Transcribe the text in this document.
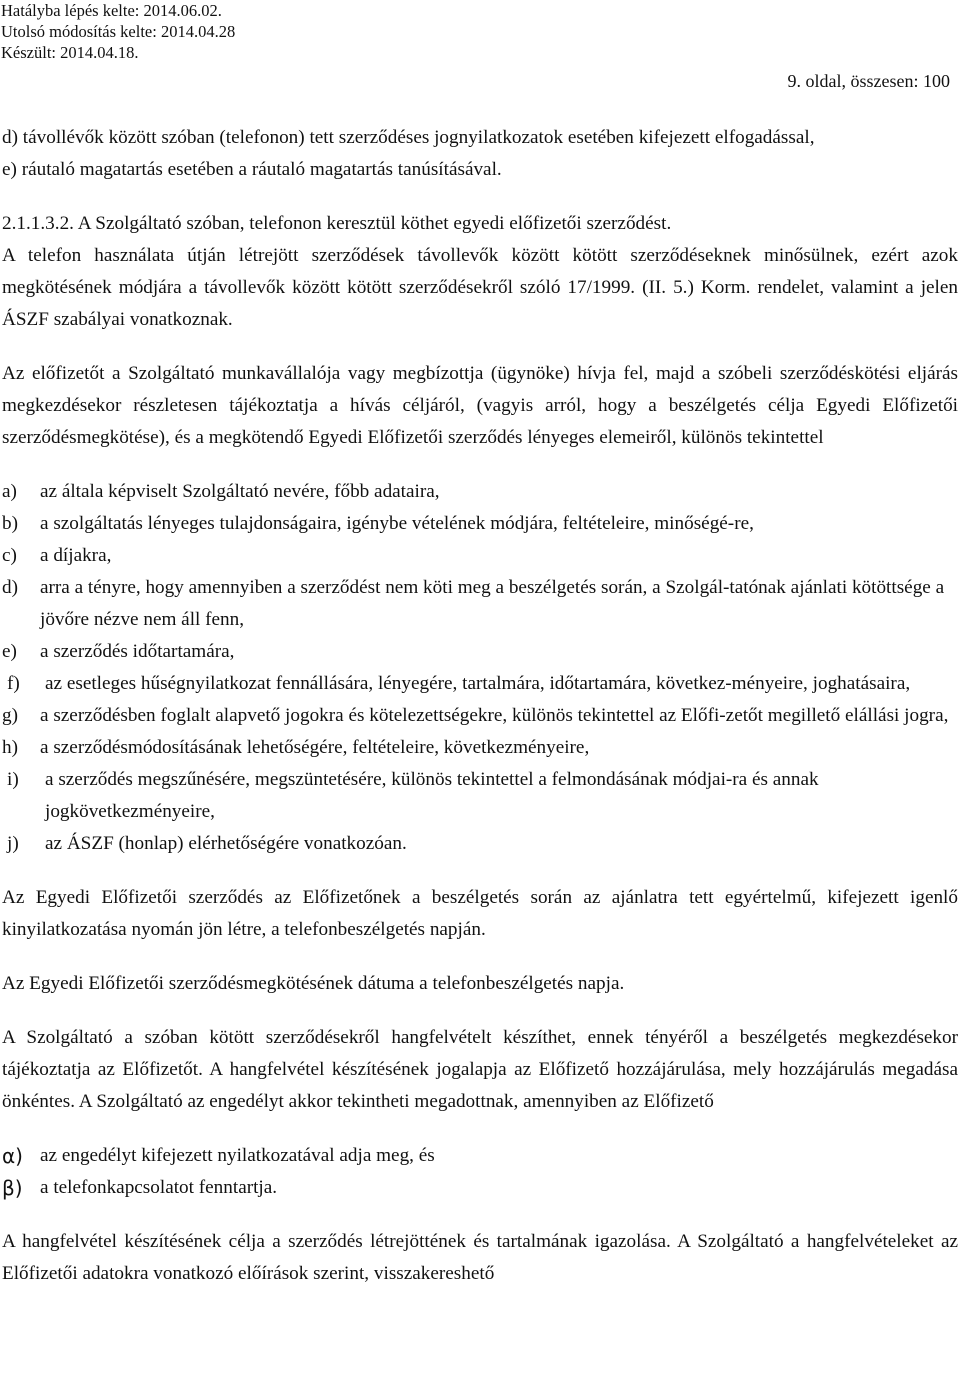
Hatályba lépés kelte: 2014.06.02.
Utolsó módosítás kelte: 2014.04.28
Készült: 2014.04.18.
9. oldal, összesen: 100

d) távollévők között szóban (telefonon) tett szerződéses jognyilatkozatok esetében kifejezett elfogadással,

e) ráutaló magatartás esetében a ráutaló magatartás tanúsításával.

2.1.1.3.2. A Szolgáltató szóban, telefonon keresztül köthet egyedi előfizetői szerződést.

A telefon használata útján létrejött szerződések távollevők között kötött szerződéseknek minősülnek, ezért azok megkötésének módjára a távollevők között kötött szerződésekről szóló 17/1999. (II. 5.) Korm. rendelet, valamint a jelen ÁSZF szabályai vonatkoznak.

Az előfizetőt a Szolgáltató munkavállalója vagy megbízottja (ügynöke) hívja fel, majd a szóbeli szerződéskötési eljárás megkezdésekor részletesen tájékoztatja a hívás céljáról, (vagyis arról, hogy a beszélgetés célja Egyedi Előfizetői szerződésmegkötése), és a megkötendő Egyedi Előfizetői szerződés lényeges elemeiről, különös tekintettel

a)	az általa képviselt Szolgáltató nevére, főbb adataira,
b)	a szolgáltatás lényeges tulajdonságaira, igénybe vételének módjára, feltételeire, minőségé-re,
c)	a díjakra,
d)	arra a tényre, hogy amennyiben a szerződést nem köti meg a beszélgetés során, a Szolgál-tatónak ajánlati kötöttsége a jövőre nézve nem áll fenn,
e)	a szerződés időtartamára,
f)	az esetleges hűségnyilatkozat fennállására, lényegére, tartalmára, időtartamára, következ-ményeire, joghatásaira,
g)	a szerződésben foglalt alapvető jogokra és kötelezettségekre, különös tekintettel az Előfi-zetőt megillető elállási jogra,
h)	a szerződésmódosításának lehetőségére, feltételeire, következményeire,
i)	a szerződés megszűnésére, megszüntetésére, különös tekintettel a felmondásának módjai-ra és annak jogkövetkezményeire,
j)	az ÁSZF (honlap) elérhetőségére vonatkozóan.

Az Egyedi Előfizetői szerződés az Előfizetőnek a beszélgetés során az ajánlatra tett egyértelmű, kifejezett igenlő kinyilatkozatása nyomán jön létre, a telefonbeszélgetés napján.

Az Egyedi Előfizetői szerződésmegkötésének dátuma a telefonbeszélgetés napja.

A Szolgáltató a szóban kötött szerződésekről hangfelvételt készíthet, ennek tényéről a beszélgetés megkezdésekor tájékoztatja az Előfizetőt. A hangfelvétel készítésének jogalapja az Előfizető hozzájárulása, mely hozzájárulás megadása önkéntes. A Szolgáltató az engedélyt akkor tekintheti megadottnak, amennyiben az Előfizető

α) az engedélyt kifejezett nyilatkozatával adja meg, és
β) a telefonkapcsolatot fenntartja.

A hangfelvétel készítésének célja a szerződés létrejöttének és tartalmának igazolása. A Szolgáltató a hangfelvételeket az Előfizetői adatokra vonatkozó előírások szerint, visszakereshető
